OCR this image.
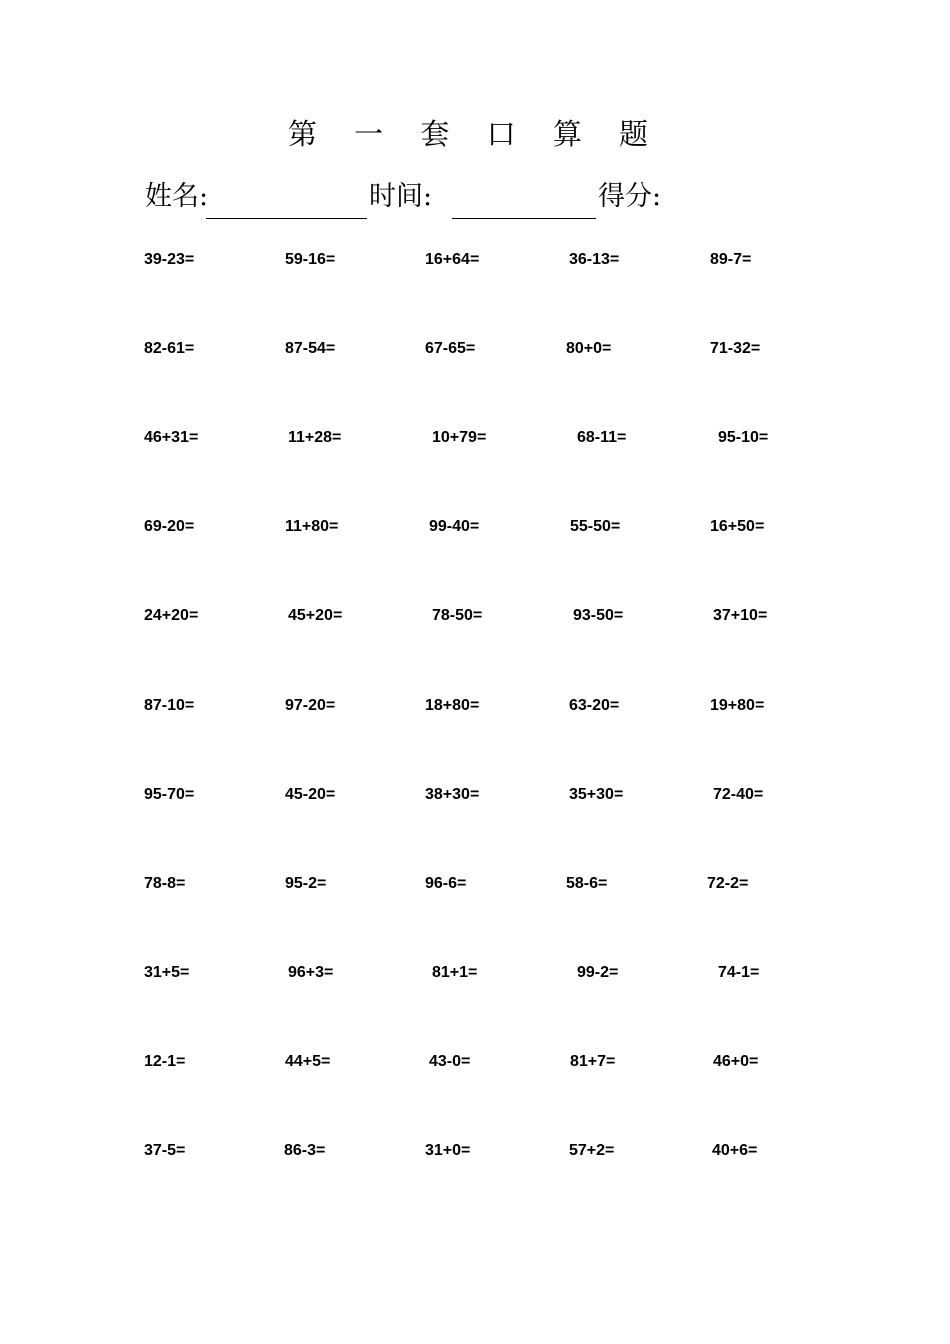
第 一 套 口 算 题
姓名:	时间:	得分:
39-23=	59-16=	16+64=	36-13=	89-7=
82-61=	87-54=	67-65=	80+0=	71-32=
46+31=	11+28=	10+79=	68-11=	95-10=
69-20=	11+80=	99-40=	55-50=	16+50=
24+20=	45+20=	78-50=	93-50=	37+10=
87-10=	97-20=	18+80=	63-20=	19+80=
95-70=	45-20=	38+30=	35+30=	72-40=
78-8=	95-2=	96-6=	58-6=	72-2=
31+5=	96+3=	81+1=	99-2=	74-1=
12-1=	44+5=	43-0=	81+7=	46+0=
37-5=	86-3=	31+0=	57+2=	40+6=
